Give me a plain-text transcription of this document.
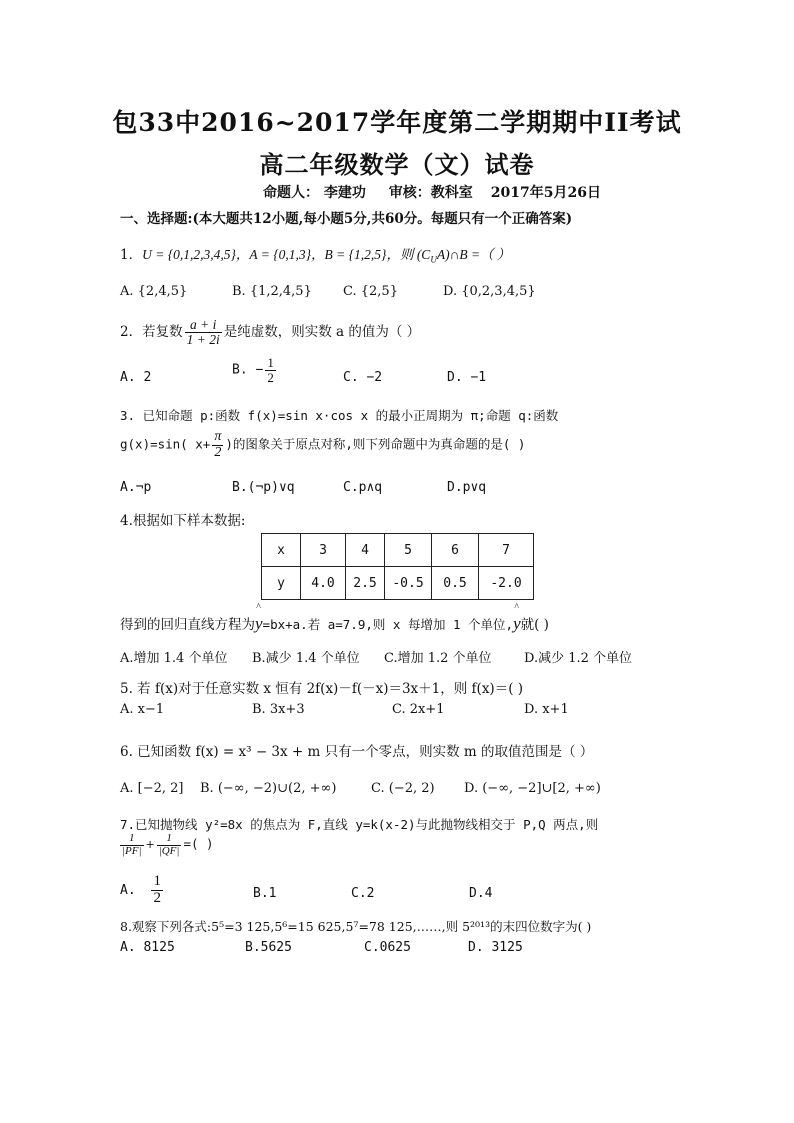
包33中2016~2017学年度第二学期期中II考试
高二年级数学（文）试卷
命题人： 李建功 审核：教科室 2017年5月26日
一、选择题:(本大题共12小题,每小题5分,共60分。每题只有一个正确答案)
1．U = {0,1,2,3,4,5}，A = {0,1,3}，B = {1,2,5}，则 $(C_UA)\cap B$ =（ ）
A. {2,4,5}	B. {1,2,4,5} C. {2,5}	D. {0,2,3,4,5}
2．若复数 $\frac{a + i}{1 + 2i}$ 是纯虚数，则实数 a 的值为（ ）
A. 2	B. − $\frac{1}{2}$	C. −2	D. −1
3. 已知命题 p:函数 f(x)=sin x·cos x 的最小正周期为 π;命题 q:函数
g(x)=sin( $x+ \frac{\pi}{2}$ )的图象关于原点对称,则下列命题中为真命题的是( )
A.¬p	B.(¬p)∨q	C.p∧q	D.p∨q
4.根据如下样本数据:
x	3	4	5	6	7
y	4.0	2.5	-0.5	0.5	-2.0
得到的回归直线方程为^ y=bx+a.若 a=7.9,则 x 每增加 1 个单位,^ y就( )
A.增加 1.4 个单位 B.减少 1.4 个单位 C.增加 1.2 个单位 D.减少 1.2 个单位
5. 若 f(x)对于任意实数 x 恒有 2f(x)－f(－x)＝3x＋1，则 f(x)＝( )
A. x−1	B. 3x+3	C. 2x+1	D. x+1
6. 已知函数 f(x) = x³ − 3x + m 只有一个零点，则实数 m 的取值范围是（ ）
A. [−2, 2] B. (−∞, −2)∪(2, +∞)	C. (−2, 2) D. (−∞, −2]∪[2, +∞)
7.已知抛物线 y²=8x 的焦点为 F,直线 y=k(x-2)与此抛物线相交于 P,Q 两点,则
$\frac{1}{|PF|} + \frac{1}{|QF|}$ =( )
A. $\frac{1}{2}$	B.1	C.2	D.4
8.观察下列各式:5⁵=3 125,5⁶=15 625,5⁷=78 125,……,则 5²⁰¹³的末四位数字为( )
A. 8125	B.5625	C.0625	D. 3125
